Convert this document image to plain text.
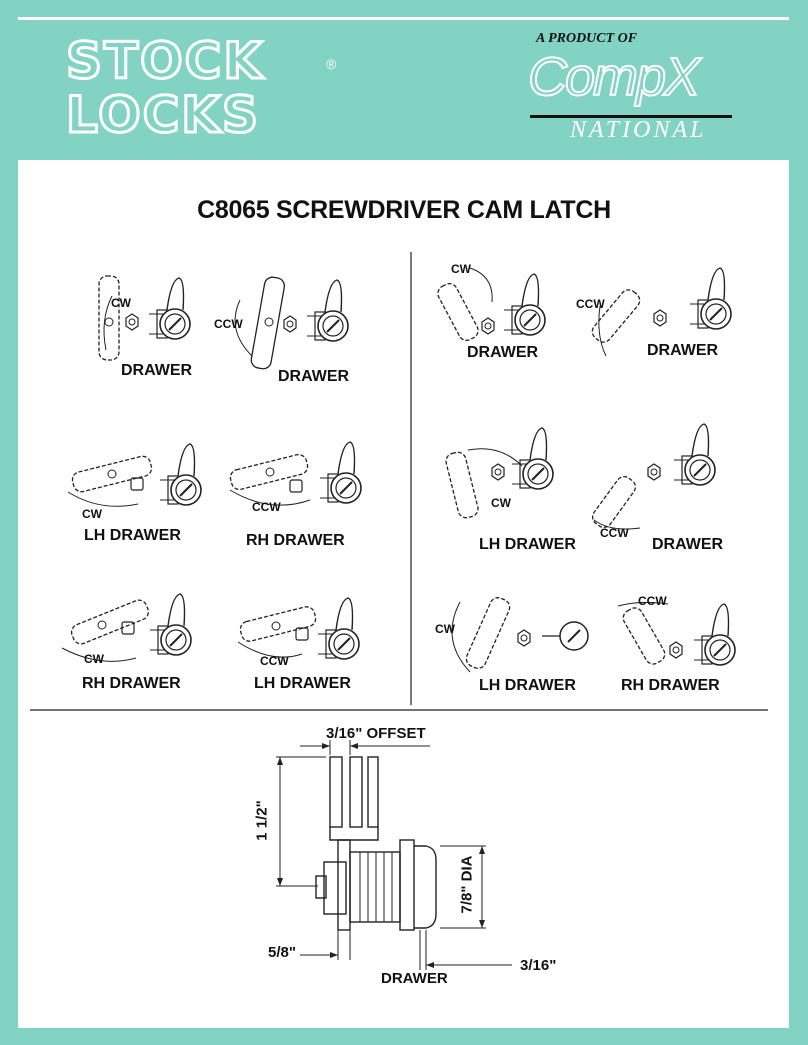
STOCK
LOCKS
®
A PRODUCT OF
CompX
NATIONAL
C8065 SCREWDRIVER CAM LATCH
CW
DRAWER
CCW
DRAWER
CW
LH DRAWER
CCW
RH DRAWER
CW
RH DRAWER
CCW
LH DRAWER
CW
DRAWER
CCW
DRAWER
CW
LH DRAWER
CCW
DRAWER
CW
LH DRAWER
CCW
RH DRAWER
3/16" OFFSET
1 1/2"
7/8" DIA
5/8"
3/16"
DRAWER
